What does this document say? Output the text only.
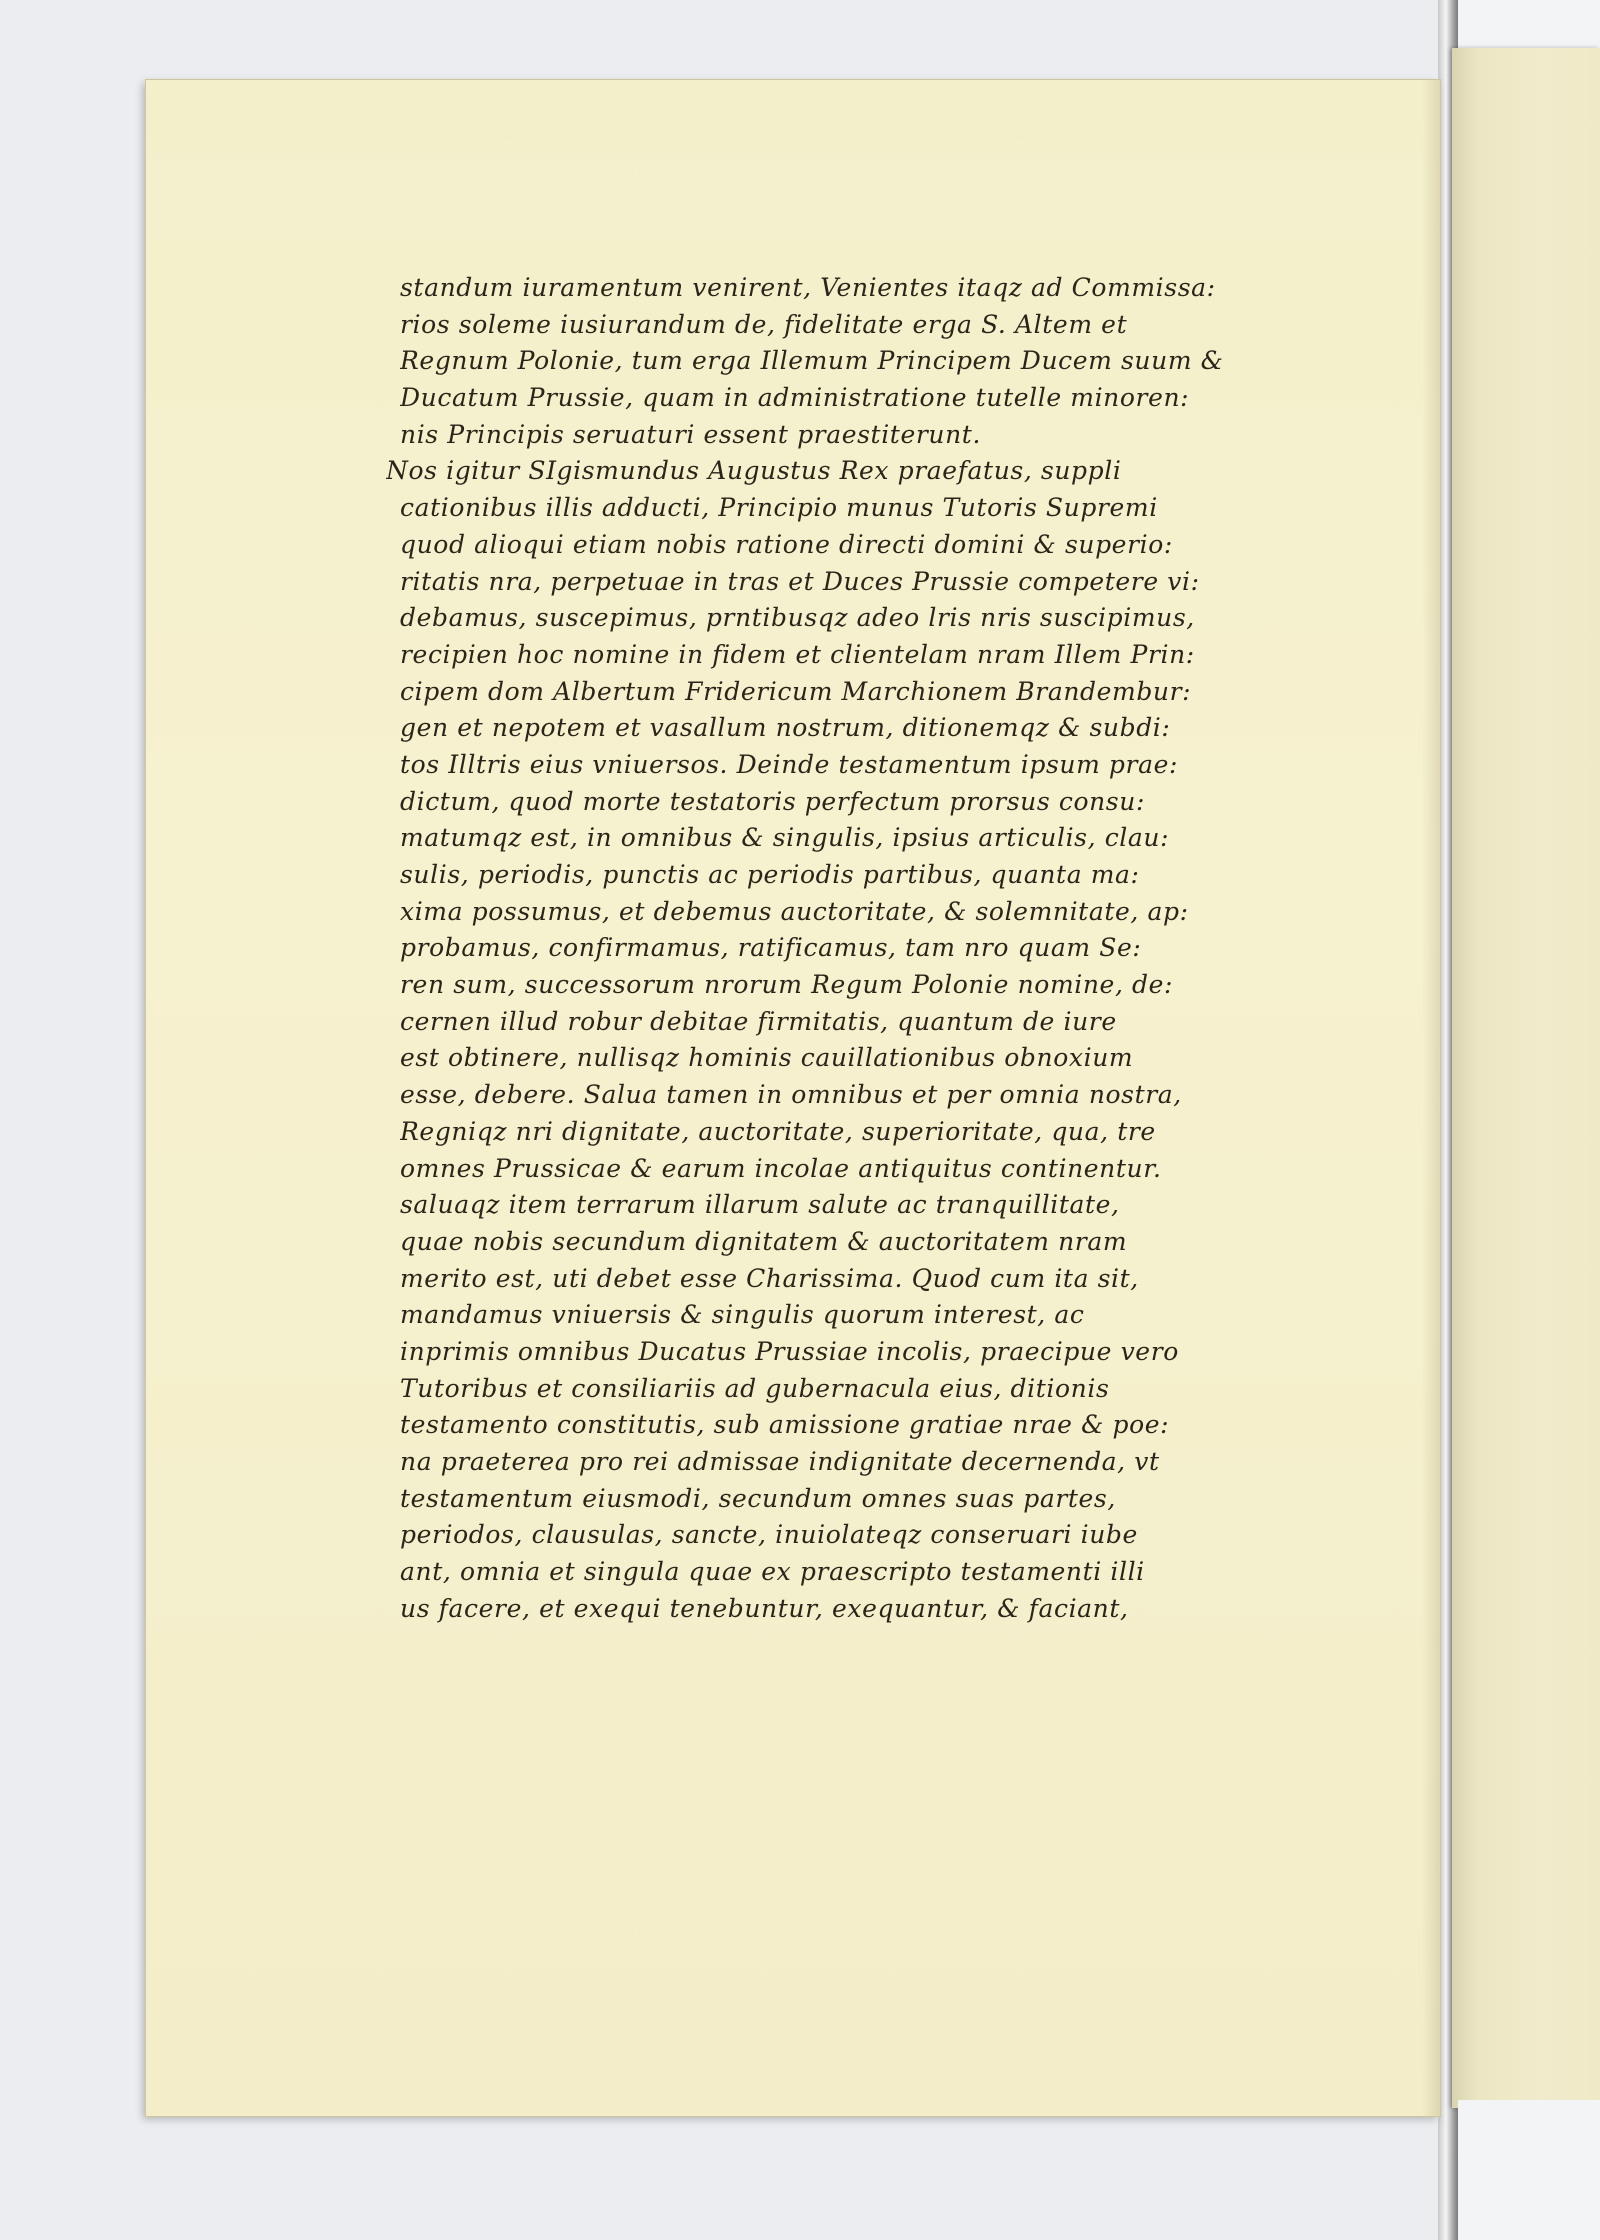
standum iuramentum venirent, Venientes itaqz ad Commissa:
rios soleme iusiurandum de, fidelitate erga S. Altem et
Regnum Polonie, tum erga Illemum Principem Ducem suum &
Ducatum Prussie, quam in administratione tutelle minoren:
nis Principis seruaturi essent praestiterunt.
Nos igitur SIgismundus Augustus Rex praefatus, suppli
cationibus illis adducti, Principio munus Tutoris Supremi
quod alioqui etiam nobis ratione directi domini & superio:
ritatis nra, perpetuae in tras et Duces Prussie competere vi:
debamus, suscepimus, prntibusqz adeo lris nris suscipimus,
recipien hoc nomine in fidem et clientelam nram Illem Prin:
cipem dom Albertum Fridericum Marchionem Brandembur:
gen et nepotem et vasallum nostrum, ditionemqz & subdi:
tos Illtris eius vniuersos. Deinde testamentum ipsum prae:
dictum, quod morte testatoris perfectum prorsus consu:
matumqz est, in omnibus & singulis, ipsius articulis, clau:
sulis, periodis, punctis ac periodis partibus, quanta ma:
xima possumus, et debemus auctoritate, & solemnitate, ap:
probamus, confirmamus, ratificamus, tam nro quam Se:
ren sum, successorum nrorum Regum Polonie nomine, de:
cernen illud robur debitae firmitatis, quantum de iure
est obtinere, nullisqz hominis cauillationibus obnoxium
esse, debere. Salua tamen in omnibus et per omnia nostra,
Regniqz nri dignitate, auctoritate, superioritate, qua, tre
omnes Prussicae & earum incolae antiquitus continentur.
saluaqz item terrarum illarum salute ac tranquillitate,
quae nobis secundum dignitatem & auctoritatem nram
merito est, uti debet esse Charissima. Quod cum ita sit,
mandamus vniuersis & singulis quorum interest, ac
inprimis omnibus Ducatus Prussiae incolis, praecipue vero
Tutoribus et consiliariis ad gubernacula eius, ditionis
testamento constitutis, sub amissione gratiae nrae & poe:
na praeterea pro rei admissae indignitate decernenda, vt
testamentum eiusmodi, secundum omnes suas partes,
periodos, clausulas, sancte, inuiolateqz conseruari iube
ant, omnia et singula quae ex praescripto testamenti illi
us facere, et exequi tenebuntur, exequantur, & faciant,
